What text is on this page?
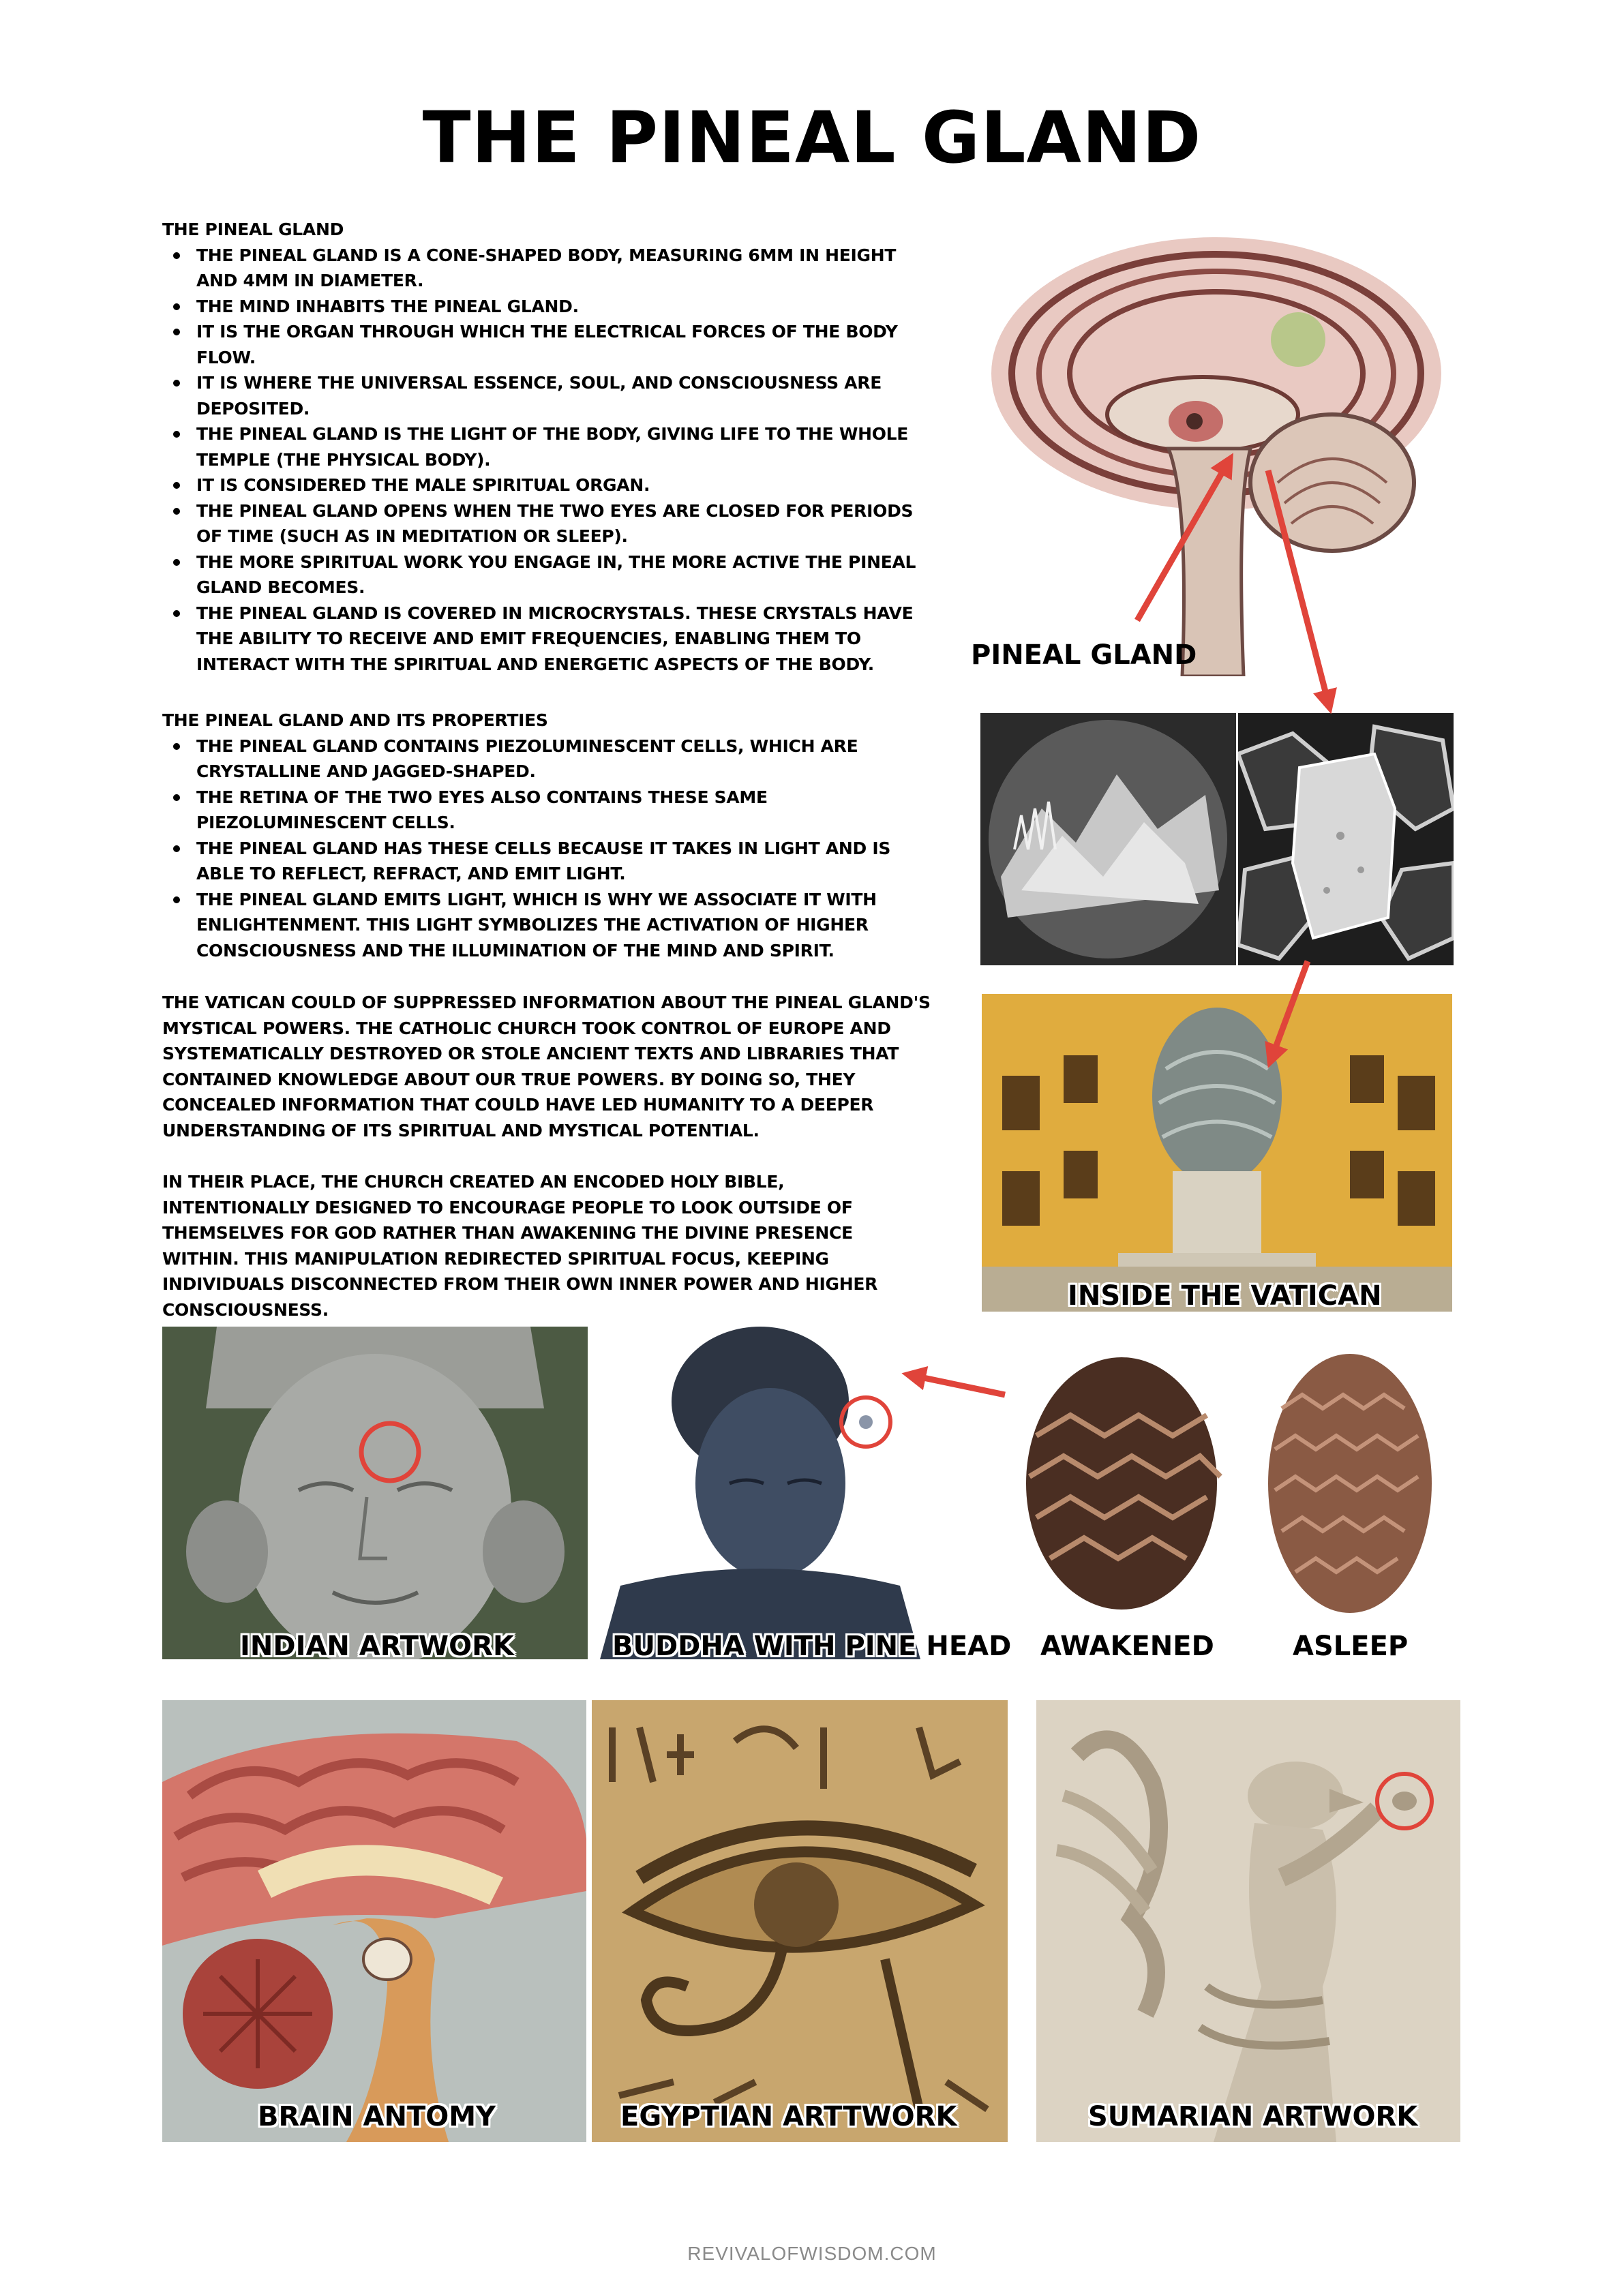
THE PINEAL GLAND
THE PINEAL GLAND
THE PINEAL GLAND IS A CONE-SHAPED BODY, MEASURING 6MM IN HEIGHT AND 4MM IN DIAMETER.
THE MIND INHABITS THE PINEAL GLAND.
IT IS THE ORGAN THROUGH WHICH THE ELECTRICAL FORCES OF THE BODY FLOW.
IT IS WHERE THE UNIVERSAL ESSENCE, SOUL, AND CONSCIOUSNESS ARE DEPOSITED.
THE PINEAL GLAND IS THE LIGHT OF THE BODY, GIVING LIFE TO THE WHOLE TEMPLE (THE PHYSICAL BODY).
IT IS CONSIDERED THE MALE SPIRITUAL ORGAN.
THE PINEAL GLAND OPENS WHEN THE TWO EYES ARE CLOSED FOR PERIODS OF TIME (SUCH AS IN MEDITATION OR SLEEP).
THE MORE SPIRITUAL WORK YOU ENGAGE IN, THE MORE ACTIVE THE PINEAL GLAND BECOMES.
THE PINEAL GLAND IS COVERED IN MICROCRYSTALS. THESE CRYSTALS HAVE THE ABILITY TO RECEIVE AND EMIT FREQUENCIES, ENABLING THEM TO INTERACT WITH THE SPIRITUAL AND ENERGETIC ASPECTS OF THE BODY.
THE PINEAL GLAND AND ITS PROPERTIES
THE PINEAL GLAND CONTAINS PIEZOLUMINESCENT CELLS, WHICH ARE CRYSTALLINE AND JAGGED-SHAPED.
THE RETINA OF THE TWO EYES ALSO CONTAINS THESE SAME PIEZOLUMINESCENT CELLS.
THE PINEAL GLAND HAS THESE CELLS BECAUSE IT TAKES IN LIGHT AND IS ABLE TO REFLECT, REFRACT, AND EMIT LIGHT.
THE PINEAL GLAND EMITS LIGHT, WHICH IS WHY WE ASSOCIATE IT WITH ENLIGHTENMENT. THIS LIGHT SYMBOLIZES THE ACTIVATION OF HIGHER CONSCIOUSNESS AND THE ILLUMINATION OF THE MIND AND SPIRIT.
THE VATICAN COULD OF SUPPRESSED INFORMATION ABOUT THE PINEAL GLAND'S MYSTICAL POWERS. THE CATHOLIC CHURCH TOOK CONTROL OF EUROPE AND SYSTEMATICALLY DESTROYED OR STOLE ANCIENT TEXTS AND LIBRARIES THAT CONTAINED KNOWLEDGE ABOUT OUR TRUE POWERS. BY DOING SO, THEY CONCEALED INFORMATION THAT COULD HAVE LED HUMANITY TO A DEEPER UNDERSTANDING OF ITS SPIRITUAL AND MYSTICAL POTENTIAL.
IN THEIR PLACE, THE CHURCH CREATED AN ENCODED HOLY BIBLE, INTENTIONALLY DESIGNED TO ENCOURAGE PEOPLE TO LOOK OUTSIDE OF THEMSELVES FOR GOD RATHER THAN AWAKENING THE DIVINE PRESENCE WITHIN. THIS MANIPULATION REDIRECTED SPIRITUAL FOCUS, KEEPING INDIVIDUALS DISCONNECTED FROM THEIR OWN INNER POWER AND HIGHER CONSCIOUSNESS.
PINEAL GLAND
INSIDE THE VATICAN
INDIAN ARTWORK	BUDDHA WITH PINE HEAD AWAKENED	ASLEEP
BRAIN ANTOMY	EGYPTIAN ARTTWORK	SUMARIAN ARTWORK
REVIVALOFWISDOM.COM
